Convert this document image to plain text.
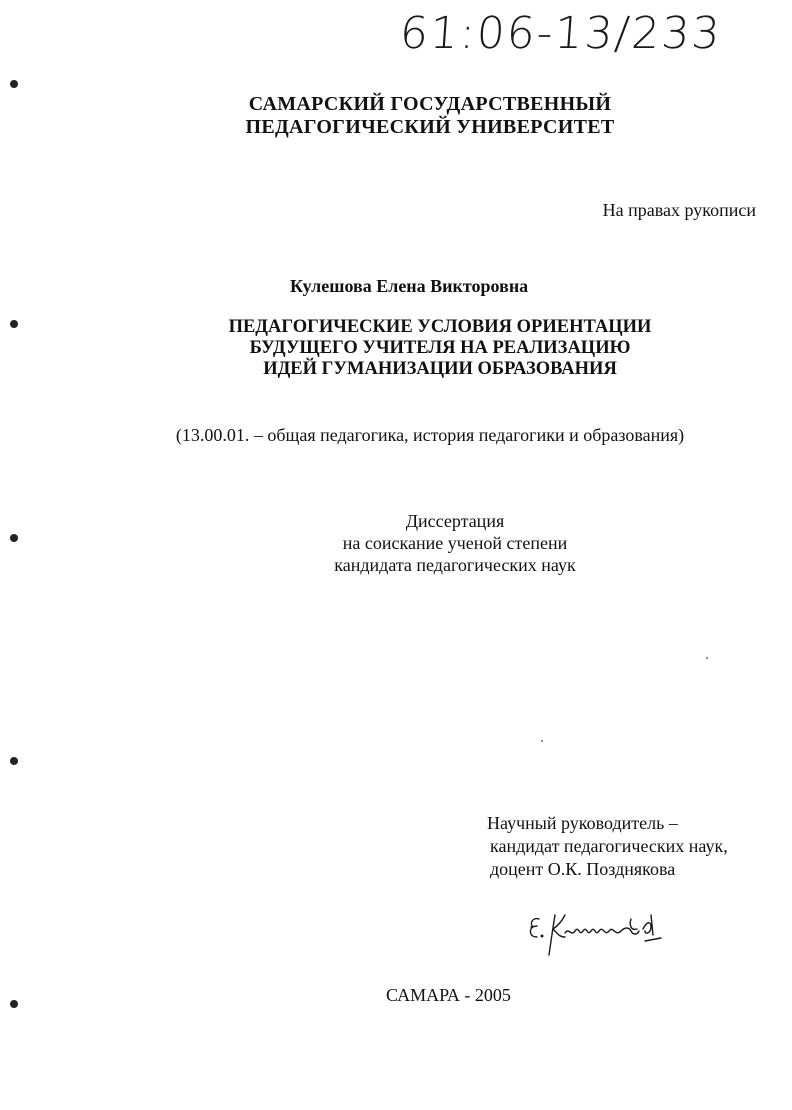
61:06-13/233
САМАРСКИЙ ГОСУДАРСТВЕННЫЙ
ПЕДАГОГИЧЕСКИЙ УНИВЕРСИТЕТ
На правах рукописи
Кулешова Елена Викторовна
ПЕДАГОГИЧЕСКИЕ УСЛОВИЯ ОРИЕНТАЦИИ
БУДУЩЕГО УЧИТЕЛЯ НА РЕАЛИЗАЦИЮ
ИДЕЙ ГУМАНИЗАЦИИ ОБРАЗОВАНИЯ
(13.00.01. – общая педагогика, история педагогики и образования)
Диссертация
на соискание ученой степени
кандидата педагогических наук
Научный руководитель –
кандидат педагогических наук,
доцент О.К. Позднякова
САМАРА - 2005
